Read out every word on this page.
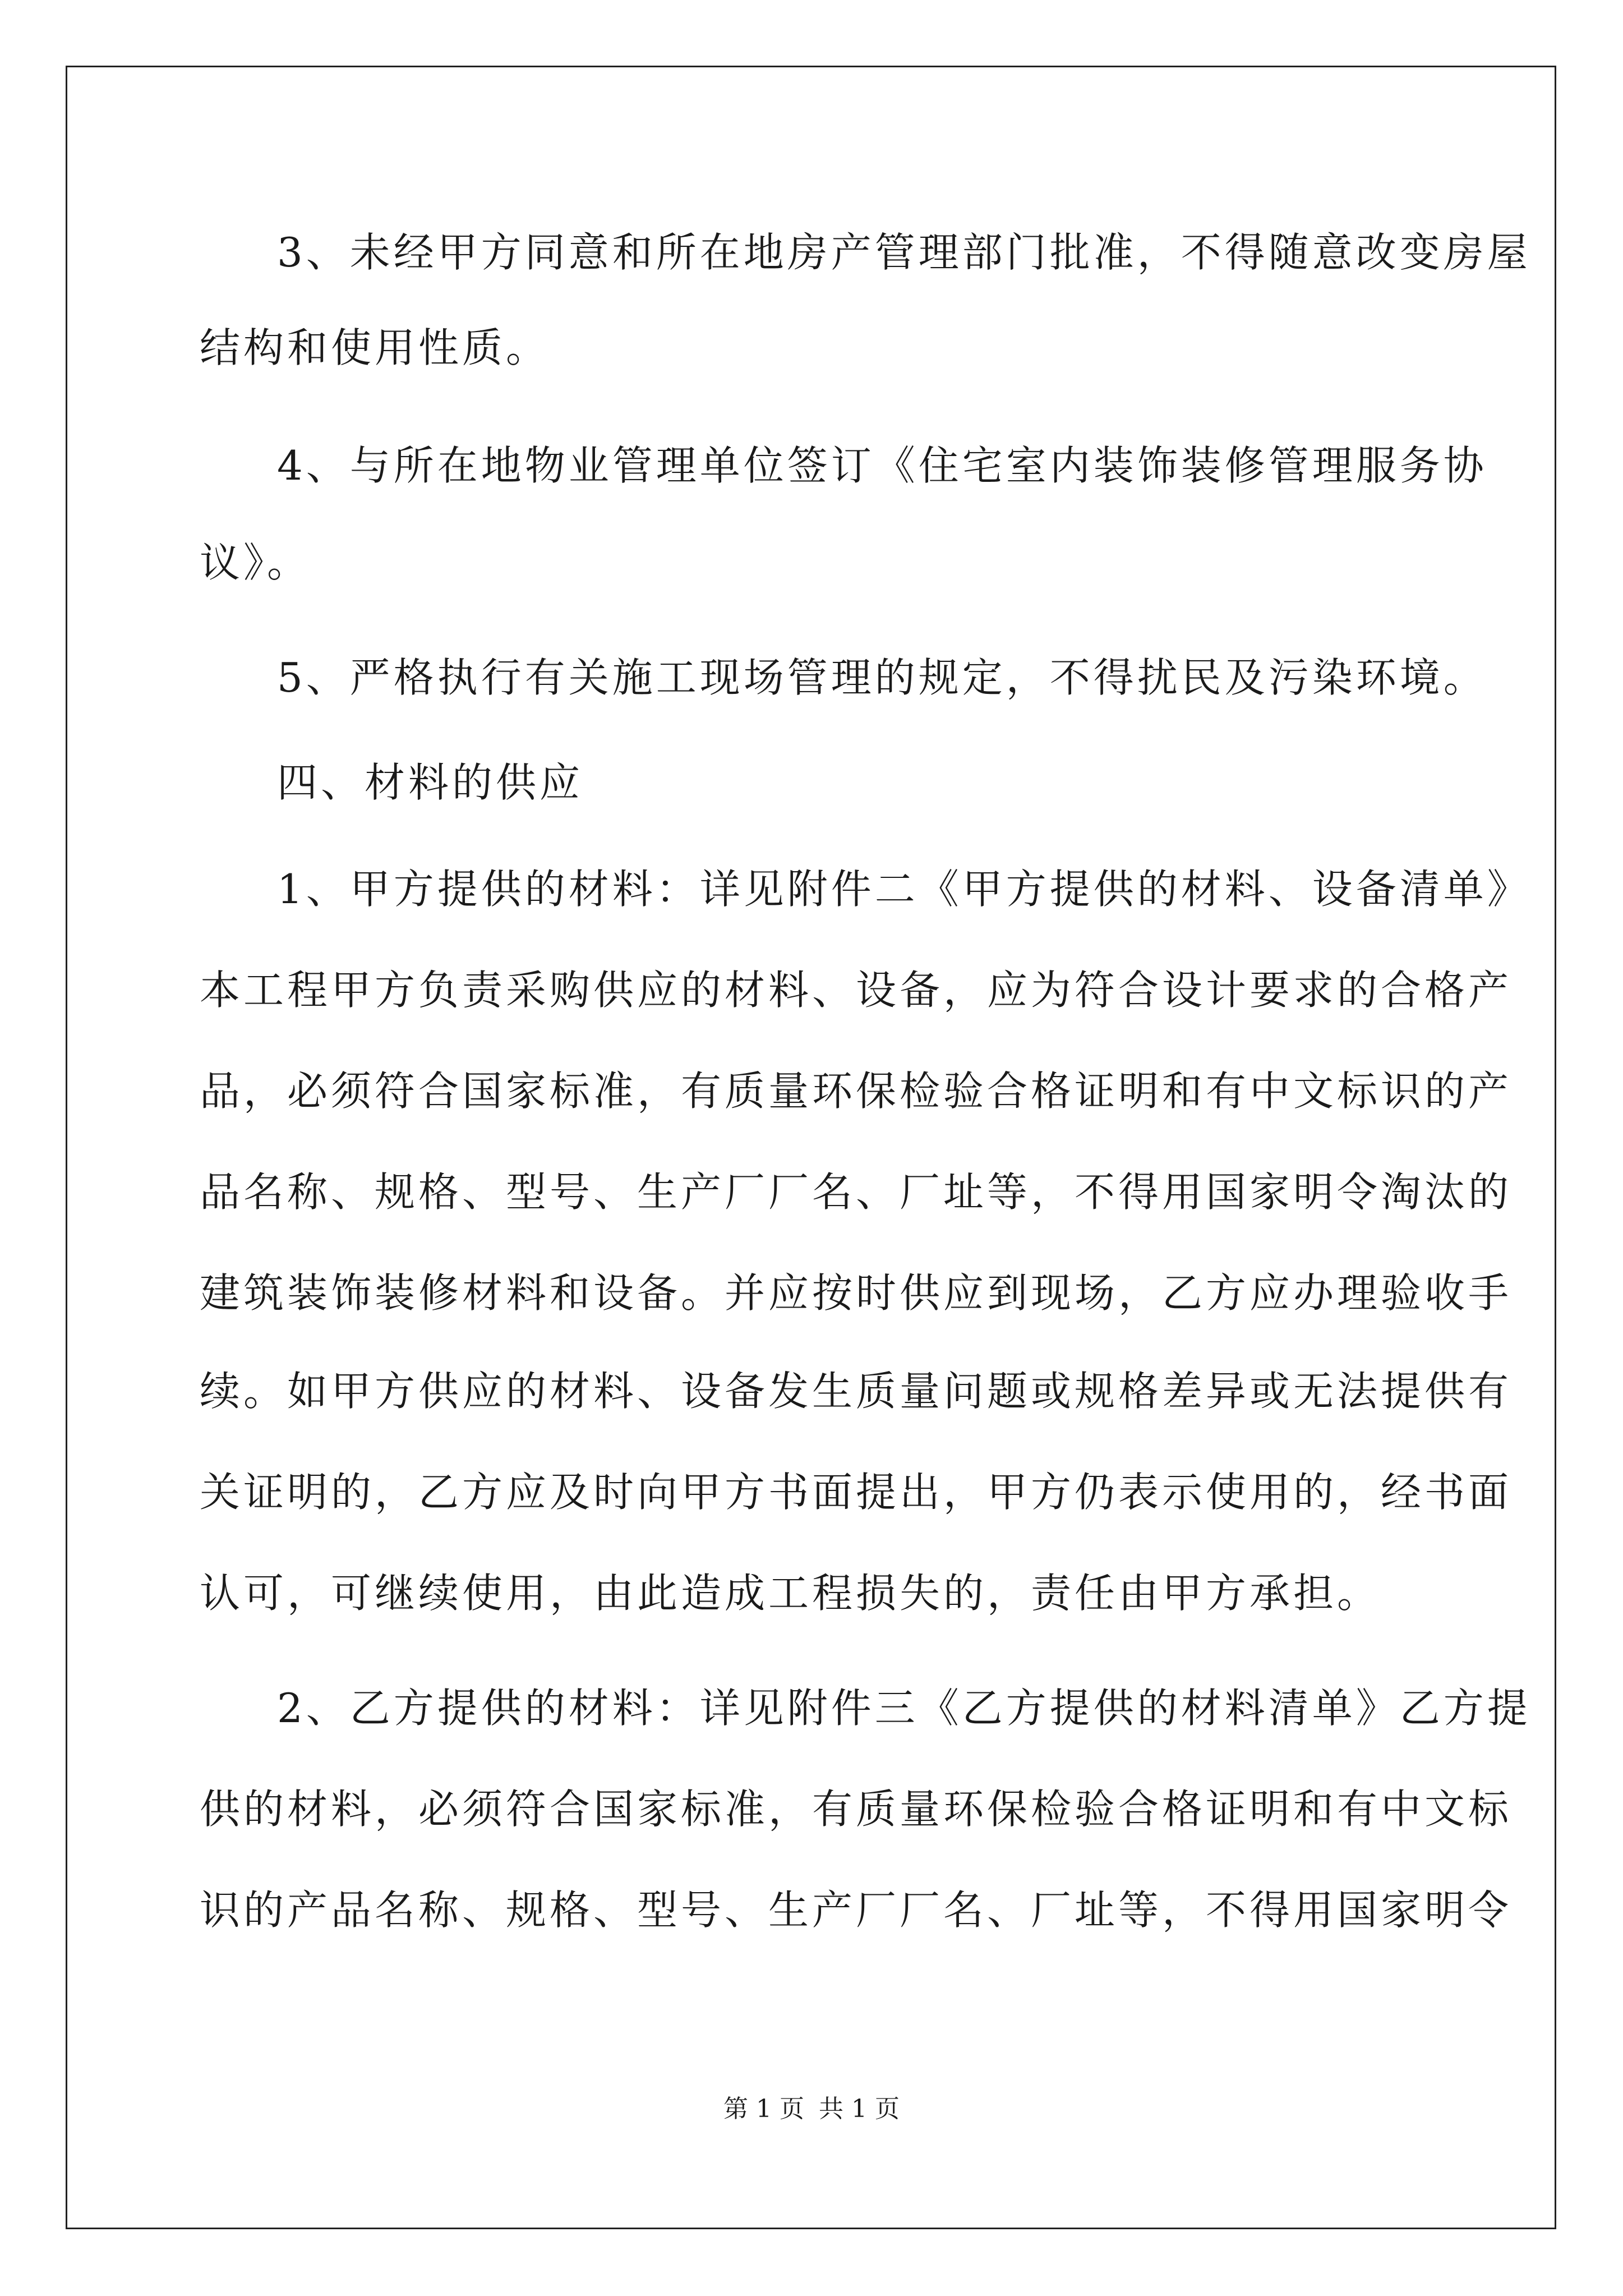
3、未经甲方同意和所在地房产管理部门批准，不得随意改变房屋
结构和使用性质。
4、与所在地物业管理单位签订《住宅室内装饰装修管理服务协
议》。
5、严格执行有关施工现场管理的规定，不得扰民及污染环境。
四、材料的供应
1、甲方提供的材料：详见附件二《甲方提供的材料、设备清单》
本工程甲方负责采购供应的材料、设备，应为符合设计要求的合格产
品，必须符合国家标准，有质量环保检验合格证明和有中文标识的产
品名称、规格、型号、生产厂厂名、厂址等，不得用国家明令淘汰的
建筑装饰装修材料和设备。并应按时供应到现场，乙方应办理验收手
续。如甲方供应的材料、设备发生质量问题或规格差异或无法提供有
关证明的，乙方应及时向甲方书面提出，甲方仍表示使用的，经书面
认可，可继续使用，由此造成工程损失的，责任由甲方承担。
2、乙方提供的材料：详见附件三《乙方提供的材料清单》乙方提
供的材料，必须符合国家标准，有质量环保检验合格证明和有中文标
识的产品名称、规格、型号、生产厂厂名、厂址等，不得用国家明令
第 1 页 共 1 页
